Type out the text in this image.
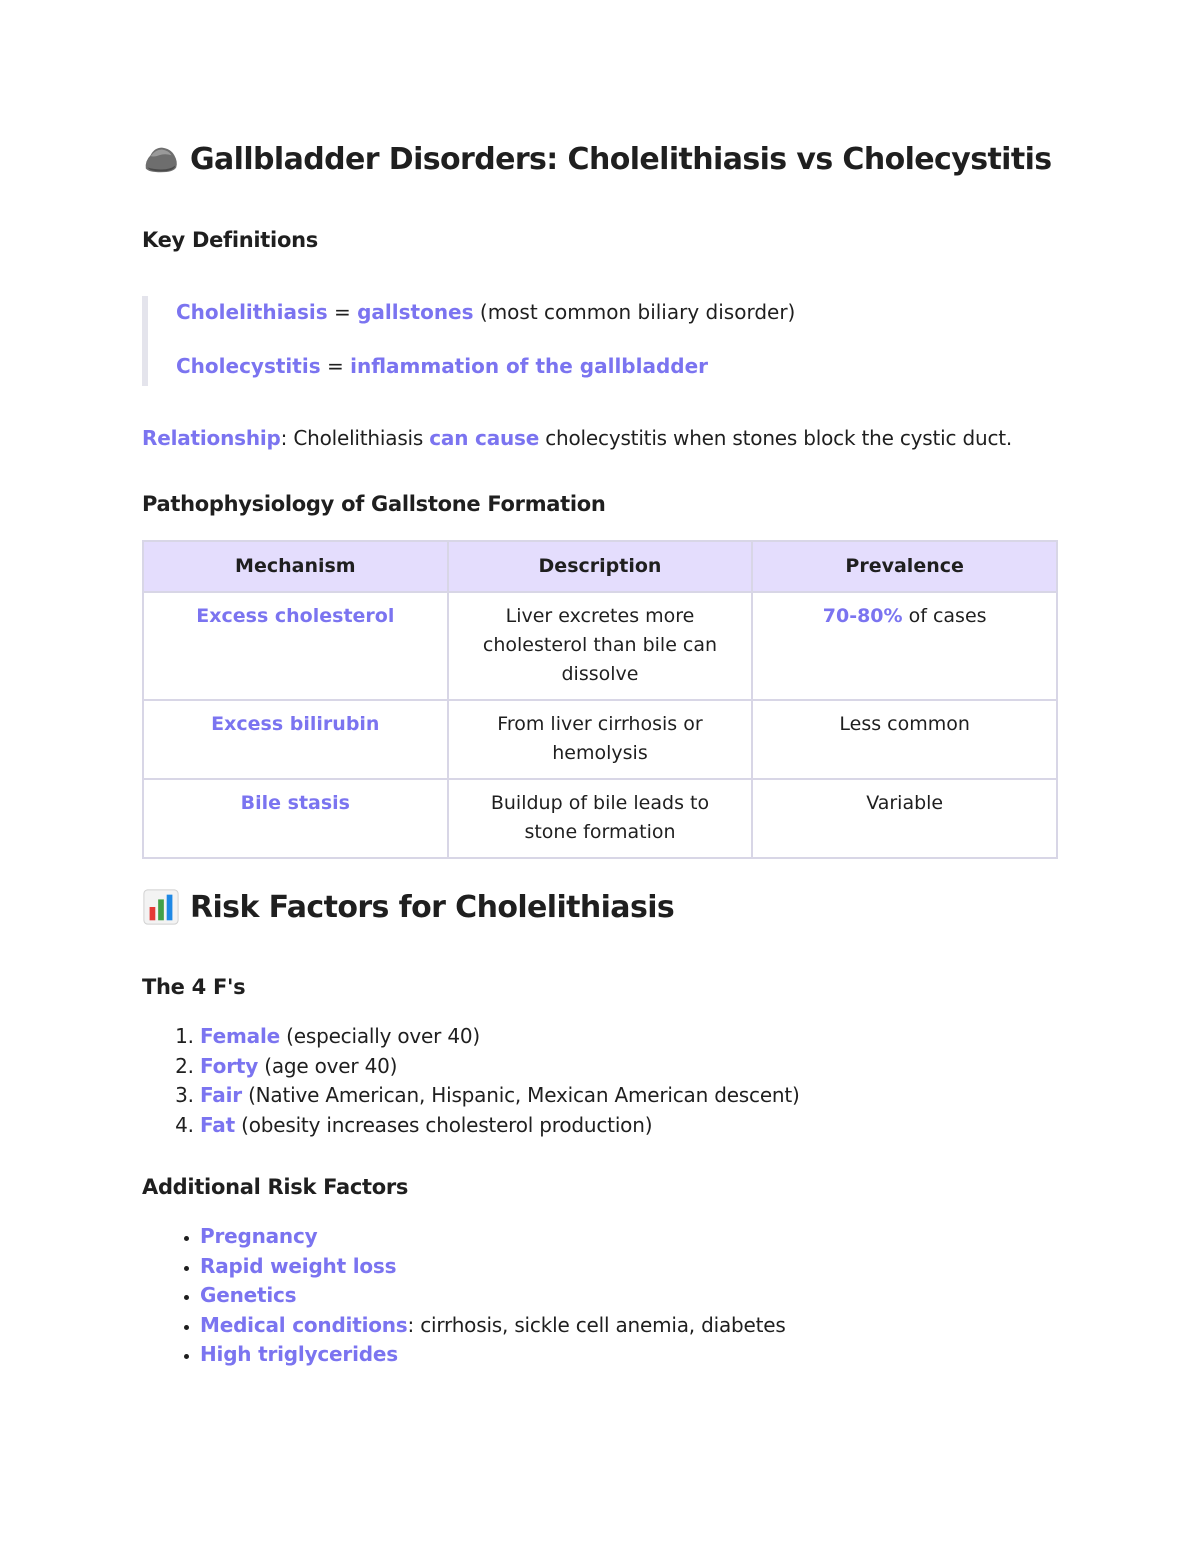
Gallbladder Disorders: Cholelithiasis vs Cholecystitis
Key Definitions
Cholelithiasis = gallstones (most common biliary disorder)
Cholecystitis = inflammation of the gallbladder
Relationship: Cholelithiasis can cause cholecystitis when stones block the cystic duct.
Pathophysiology of Gallstone Formation
Mechanism	Description	Prevalence
Excess cholesterol	Liver excretes more cholesterol than bile can dissolve	70-80% of cases
Excess bilirubin	From liver cirrhosis or hemolysis	Less common
Bile stasis	Buildup of bile leads to stone formation	Variable
Risk Factors for Cholelithiasis
The 4 F's
1. Female (especially over 40)
2. Forty (age over 40)
3. Fair (Native American, Hispanic, Mexican American descent)
4. Fat (obesity increases cholesterol production)
Additional Risk Factors
• Pregnancy
• Rapid weight loss
• Genetics
• Medical conditions: cirrhosis, sickle cell anemia, diabetes
• High triglycerides
